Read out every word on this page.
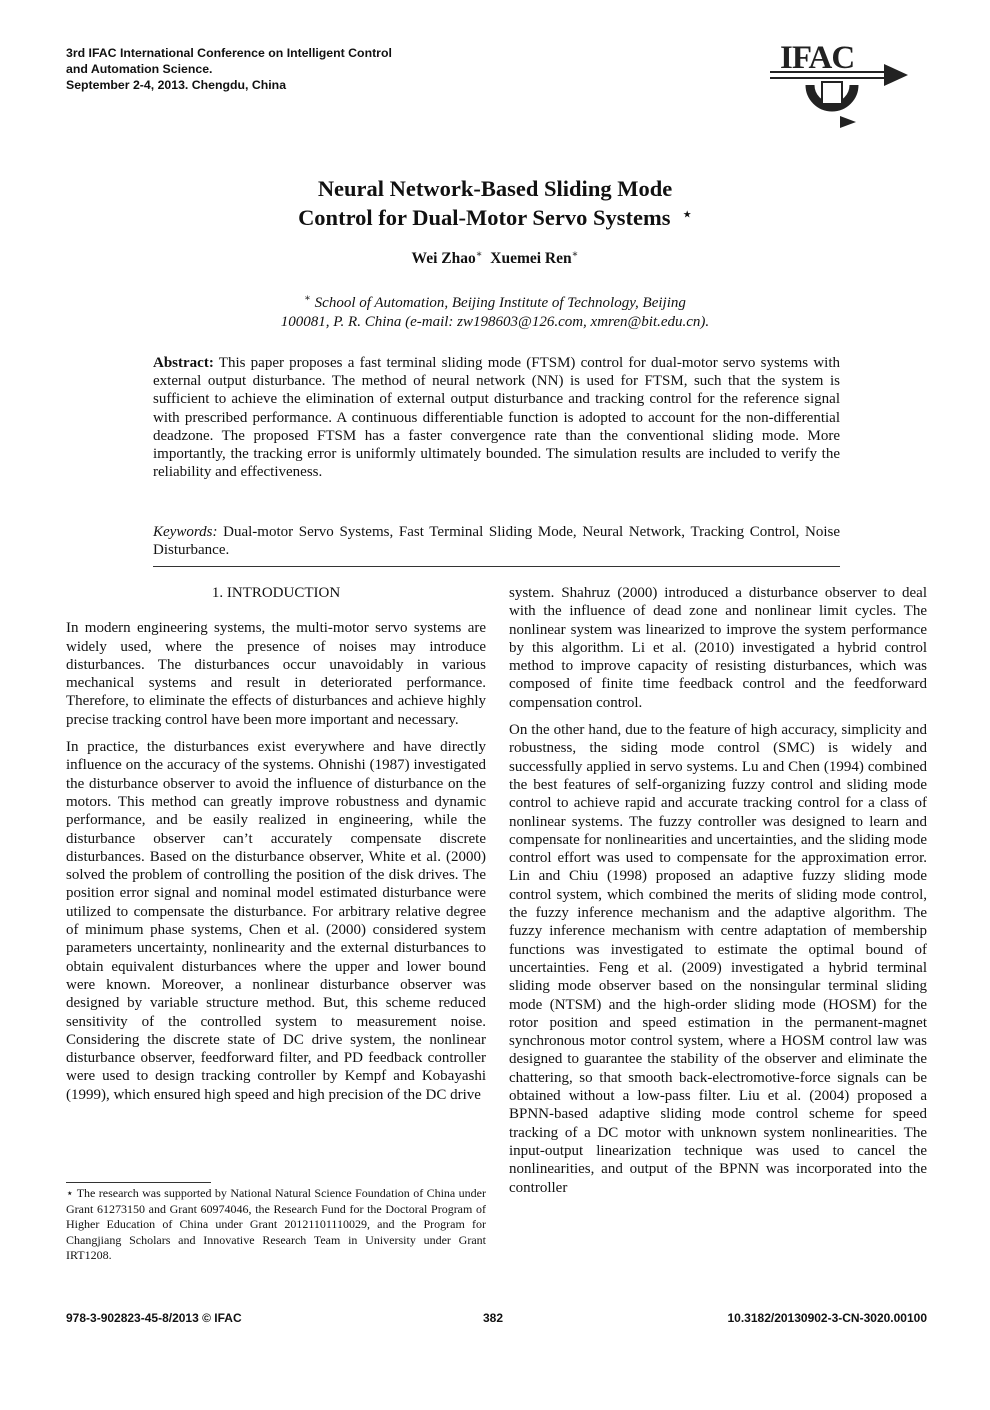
3rd IFAC International Conference on Intelligent Control
and Automation Science.
September 2-4, 2013. Chengdu, China
IFAC
Neural Network-Based Sliding Mode
Control for Dual-Motor Servo Systems ⋆
Wei Zhao∗ Xuemei Ren∗
∗ School of Automation, Beijing Institute of Technology, Beijing
100081, P. R. China (e-mail: zw198603@126.com, xmren@bit.edu.cn).
Abstract: This paper proposes a fast terminal sliding mode (FTSM) control for dual-motor servo systems with external output disturbance. The method of neural network (NN) is used for FTSM, such that the system is sufficient to achieve the elimination of external output disturbance and tracking control for the reference signal with prescribed performance. A continuous differentiable function is adopted to account for the non-differential deadzone. The proposed FTSM has a faster convergence rate than the conventional sliding mode. More importantly, the tracking error is uniformly ultimately bounded. The simulation results are included to verify the reliability and effectiveness.
Keywords: Dual-motor Servo Systems, Fast Terminal Sliding Mode, Neural Network, Tracking Control, Noise Disturbance.
1. INTRODUCTION

In modern engineering systems, the multi-motor servo systems are widely used, where the presence of noises may introduce disturbances. The disturbances occur unavoidably in various mechanical systems and result in deteriorated performance. Therefore, to eliminate the effects of disturbances and achieve highly precise tracking control have been more important and necessary.

In practice, the disturbances exist everywhere and have directly influence on the accuracy of the systems. Ohnishi (1987) investigated the disturbance observer to avoid the influence of disturbance on the motors. This method can greatly improve robustness and dynamic performance, and be easily realized in engineering, while the disturbance observer can’t accurately compensate discrete disturbances. Based on the disturbance observer, White et al. (2000) solved the problem of controlling the position of the disk drives. The position error signal and nominal model estimated disturbance were utilized to compensate the disturbance. For arbitrary relative degree of minimum phase systems, Chen et al. (2000) considered system parameters uncertainty, nonlinearity and the external disturbances to obtain equivalent disturbances where the upper and lower bound were known. Moreover, a nonlinear disturbance observer was designed by variable structure method. But, this scheme reduced sensitivity of the controlled system to measurement noise. Considering the discrete state of DC drive system, the nonlinear disturbance observer, feedforward filter, and PD feedback controller were used to design tracking controller by Kempf and Kobayashi (1999), which ensured high speed and high precision of the DC drive

system. Shahruz (2000) introduced a disturbance observer to deal with the influence of dead zone and nonlinear limit cycles. The nonlinear system was linearized to improve the system performance by this algorithm. Li et al. (2010) investigated a hybrid control method to improve capacity of resisting disturbances, which was composed of finite time feedback control and the feedforward compensation control.

On the other hand, due to the feature of high accuracy, simplicity and robustness, the siding mode control (SMC) is widely and successfully applied in servo systems. Lu and Chen (1994) combined the best features of self-organizing fuzzy control and sliding mode control to achieve rapid and accurate tracking control for a class of nonlinear systems. The fuzzy controller was designed to learn and compensate for nonlinearities and uncertainties, and the sliding mode control effort was used to compensate for the approximation error. Lin and Chiu (1998) proposed an adaptive fuzzy sliding mode control system, which combined the merits of sliding mode control, the fuzzy inference mechanism and the adaptive algorithm. The fuzzy inference mechanism with centre adaptation of membership functions was investigated to estimate the optimal bound of uncertainties. Feng et al. (2009) investigated a hybrid terminal sliding mode observer based on the nonsingular terminal sliding mode (NTSM) and the high-order sliding mode (HOSM) for the rotor position and speed estimation in the permanent-magnet synchronous motor control system, where a HOSM control law was designed to guarantee the stability of the observer and eliminate the chattering, so that smooth back-electromotive-force signals can be obtained without a low-pass filter. Liu et al. (2004) proposed a BPNN-based adaptive sliding mode control scheme for speed tracking of a DC motor with unknown system nonlinearities. The input-output linearization technique was used to cancel the nonlinearities, and output of the BPNN was incorporated into the controller

⋆ The research was supported by National Natural Science Foundation of China under Grant 61273150 and Grant 60974046, the Research Fund for the Doctoral Program of Higher Education of China under Grant 20121101110029, and the Program for Changjiang Scholars and Innovative Research Team in University under Grant IRT1208.
978-3-902823-45-8/2013 © IFAC	382	10.3182/20130902-3-CN-3020.00100
